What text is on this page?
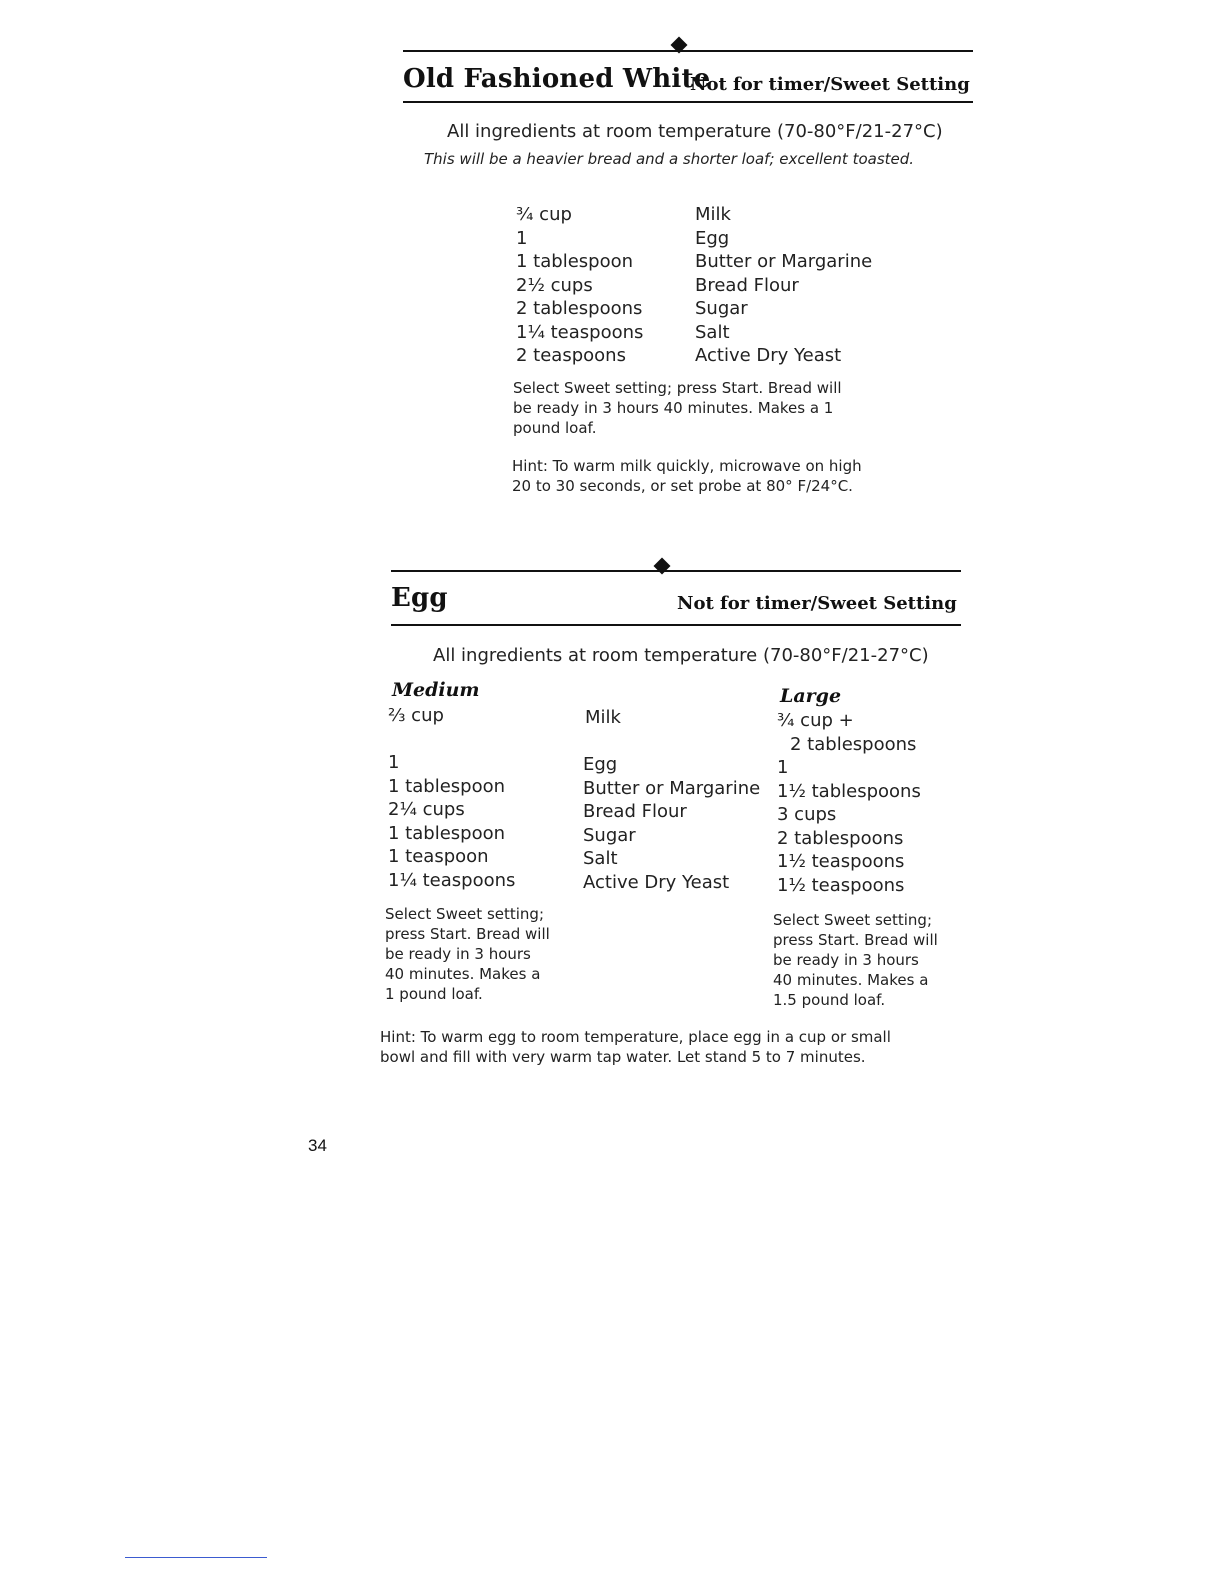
Old Fashioned White
Not for timer/Sweet Setting
All ingredients at room temperature (70-80°F/21-27°C)
This will be a heavier bread and a shorter loaf; excellent toasted.
¾ cup
1
1 tablespoon
2½ cups
2 tablespoons
1¼ teaspoons
2 teaspoons
Milk
Egg
Butter or Margarine
Bread Flour
Sugar
Salt
Active Dry Yeast
Select Sweet setting; press Start. Bread will
be ready in 3 hours 40 minutes. Makes a 1
pound loaf.
Hint: To warm milk quickly, microwave on high
20 to 30 seconds, or set probe at 80° F/24°C.
Egg	Not for timer/Sweet Setting
All ingredients at room temperature (70-80°F/21-27°C)
Medium	Large
⅔ cup
1
1 tablespoon
2¼ cups
1 tablespoon
1 teaspoon
1¼ teaspoons
Milk
Egg
Butter or Margarine
Bread Flour
Sugar
Salt
Active Dry Yeast
¾ cup +
2 tablespoons
1
1½ tablespoons
3 cups
2 tablespoons
1½ teaspoons
1½ teaspoons
Select Sweet setting;
press Start. Bread will
be ready in 3 hours
40 minutes. Makes a
1 pound loaf.
Select Sweet setting;
press Start. Bread will
be ready in 3 hours
40 minutes. Makes a
1.5 pound loaf.
Hint: To warm egg to room temperature, place egg in a cup or small
bowl and fill with very warm tap water. Let stand 5 to 7 minutes.
34
